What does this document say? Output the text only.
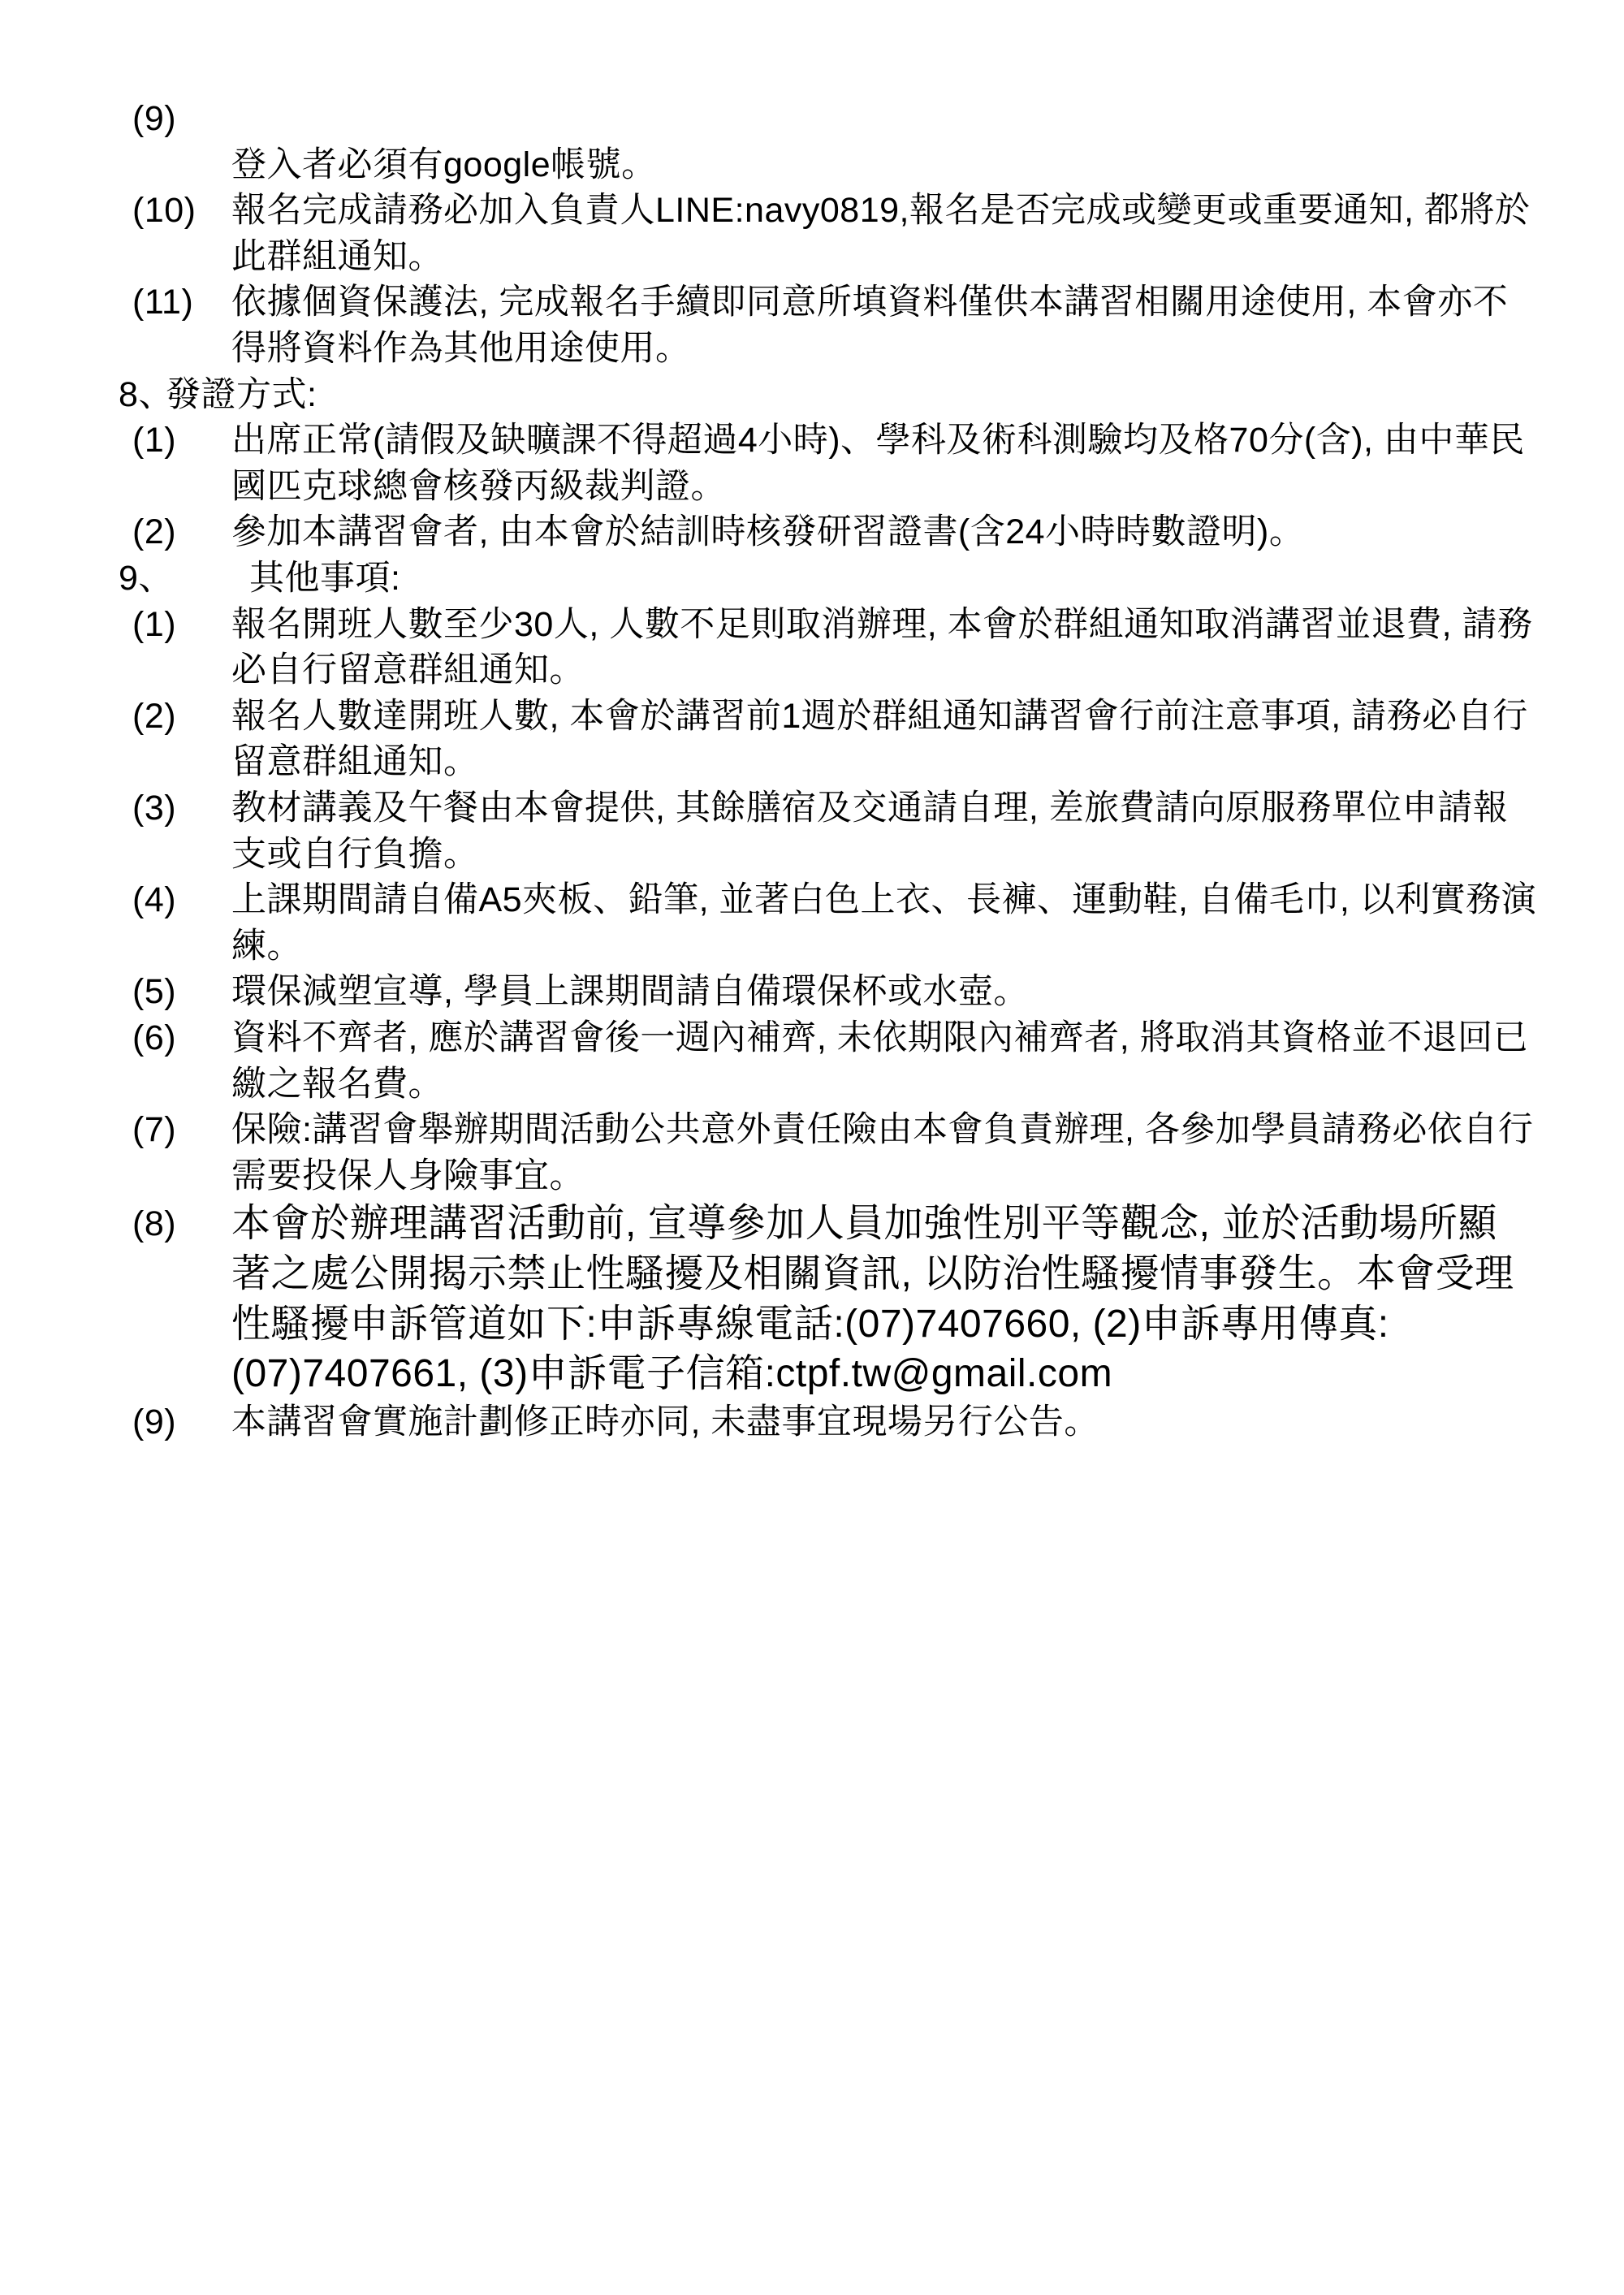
(9)
登入者必須有google帳號。
(10) 報名完成請務必加入負責人LINE:navy0819,報名是否完成或變更或重要通知, 都將於
此群組通知。
(11) 依據個資保護法, 完成報名手續即同意所填資料僅供本講習相關用途使用, 本會亦不
得將資料作為其他用途使用。
8、
發證方式:
(1) 出席正常(請假及缺曠課不得超過4小時)、學科及術科測驗均及格70分(含), 由中華民
國匹克球總會核發丙級裁判證。
(2) 參加本講習會者, 由本會於結訓時核發研習證書(含24小時時數證明)。
9、 其他事項:
(1) 報名開班人數至少30人, 人數不足則取消辦理, 本會於群組通知取消講習並退費, 請務
必自行留意群組通知。
(2) 報名人數達開班人數, 本會於講習前1週於群組通知講習會行前注意事項, 請務必自行
留意群組通知。
(3) 教材講義及午餐由本會提供, 其餘膳宿及交通請自理, 差旅費請向原服務單位申請報
支或自行負擔。
(4) 上課期間請自備A5夾板、鉛筆, 並著白色上衣、長褲、運動鞋, 自備毛巾, 以利實務演
練。
(5) 環保減塑宣導, 學員上課期間請自備環保杯或水壺。
(6) 資料不齊者, 應於講習會後一週內補齊, 未依期限內補齊者, 將取消其資格並不退回已
繳之報名費。
(7) 保險:講習會舉辦期間活動公共意外責任險由本會負責辦理, 各參加學員請務必依自行
需要投保人身險事宜。
(8) 本會於辦理講習活動前, 宣導參加人員加強性別平等觀念, 並於活動場所顯
著之處公開揭示禁止性騷擾及相關資訊, 以防治性騷擾情事發生。本會受理
性騷擾申訴管道如下:申訴專線電話:(07)7407660, (2)申訴專用傳真:
(07)7407661, (3)申訴電子信箱:ctpf.tw@gmail.com
(9) 本講習會實施計劃修正時亦同, 未盡事宜現場另行公告。
